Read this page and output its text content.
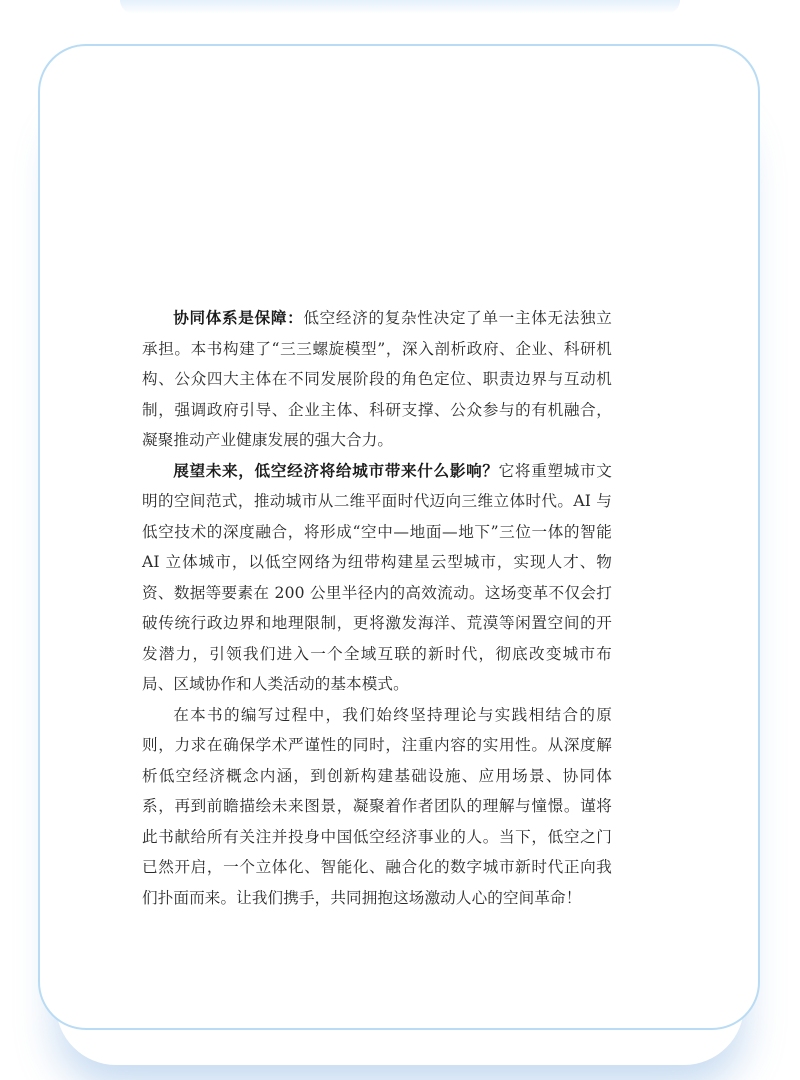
协同体系是保障：低空经济的复杂性决定了单一主体无法独立承担。本书构建了“三三螺旋模型”，深入剖析政府、企业、科研机构、公众四大主体在不同发展阶段的角色定位、职责边界与互动机制，强调政府引导、企业主体、科研支撑、公众参与的有机融合，凝聚推动产业健康发展的强大合力。

展望未来，低空经济将给城市带来什么影响？它将重塑城市文明的空间范式，推动城市从二维平面时代迈向三维立体时代。AI 与低空技术的深度融合，将形成“空中—地面—地下”三位一体的智能 AI 立体城市，以低空网络为纽带构建星云型城市，实现人才、物资、数据等要素在 200 公里半径内的高效流动。这场变革不仅会打破传统行政边界和地理限制，更将激发海洋、荒漠等闲置空间的开发潜力，引领我们进入一个全域互联的新时代，彻底改变城市布局、区域协作和人类活动的基本模式。

在本书的编写过程中，我们始终坚持理论与实践相结合的原则，力求在确保学术严谨性的同时，注重内容的实用性。从深度解析低空经济概念内涵，到创新构建基础设施、应用场景、协同体系，再到前瞻描绘未来图景，凝聚着作者团队的理解与憧憬。谨将此书献给所有关注并投身中国低空经济事业的人。当下，低空之门已然开启，一个立体化、智能化、融合化的数字城市新时代正向我们扑面而来。让我们携手，共同拥抱这场激动人心的空间革命！
